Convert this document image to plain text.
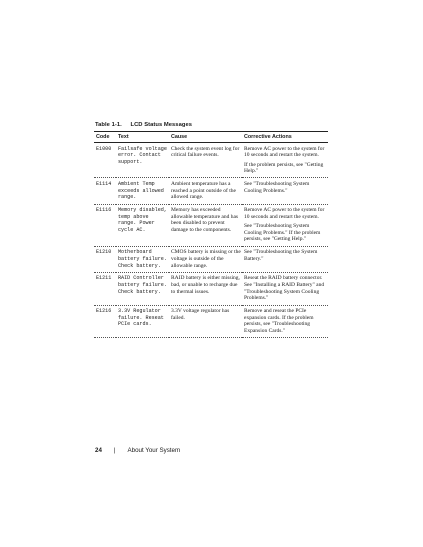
Table 1-1. LCD Status Messages
Code	Text	Cause	Corrective Actions
E1000	Failsafe voltage error. Contact support.	Check the system event log for critical failure events.	Remove AC power to the system for 10 seconds and restart the system.

If the problem persists, see "Getting Help."

E1114	Ambient Temp exceeds allowed range.	Ambient temperature has a reached a point outside of the allowed range.	See "Troubleshooting System Cooling Problems."

E1116	Memory disabled, temp above range. Power cycle AC.	Memory has exceeded allowable temperature and has been disabled to prevent damage to the components.	Remove AC power to the system for 10 seconds and restart the system.

See "Troubleshooting System Cooling Problems." If the problem persists, see "Getting Help."

E1210	Motherboard battery failure. Check battery.	CMOS battery is missing or the voltage is outside of the allowable range.	See "Troubleshooting the System Battery."

E1211	RAID Controller battery failure. Check battery.	RAID battery is either missing, bad, or unable to recharge due to thermal issues.	Reseat the RAID battery connector. See "Installing a RAID Battery" and "Troubleshooting System Cooling Problems."

E1216	3.3V Regulator failure. Reseat PCIe cards.	3.3V voltage regulator has failed.	Remove and reseat the PCIe expansion cards. If the problem persists, see "Troubleshooting Expansion Cards."

24 | About Your System
